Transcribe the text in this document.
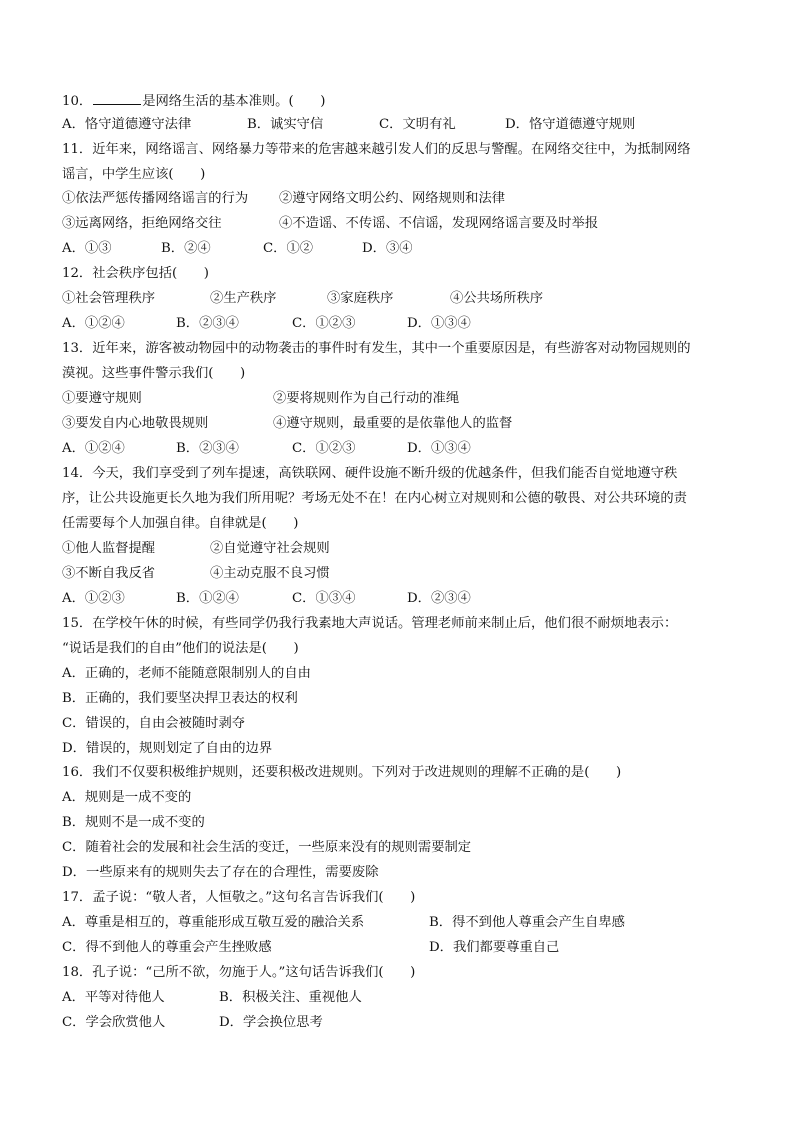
10．	是网络生活的基本准则。(　　)
A．恪守道德遵守法律	B．诚实守信	C．文明有礼	D．恪守道德遵守规则
11．近年来，网络谣言、网络暴力等带来的危害越来越引发人们的反思与警醒。在网络交往中，为抵制网络
谣言，中学生应该(　　)
①依法严惩传播网络谣言的行为 ②遵守网络文明公约、网络规则和法律
③远离网络，拒绝网络交往	④不造谣、不传谣、不信谣，发现网络谣言要及时举报
A．①③	B．②④	C．①②	D．③④
12．社会秩序包括(　　)
①社会管理秩序	②生产秩序	③家庭秩序	④公共场所秩序
A．①②④	B．②③④	C．①②③	D．①③④
13．近年来，游客被动物园中的动物袭击的事件时有发生，其中一个重要原因是，有些游客对动物园规则的
漠视。这些事件警示我们(　　)
①要遵守规则	②要将规则作为自己行动的准绳
③要发自内心地敬畏规则	④遵守规则，最重要的是依靠他人的监督
A．①②④	B．②③④	C．①②③	D．①③④
14．今天，我们享受到了列车提速，高铁联网、硬件设施不断升级的优越条件，但我们能否自觉地遵守秩
序，让公共设施更长久地为我们所用呢？考场无处不在！在内心树立对规则和公德的敬畏、对公共环境的责
任需要每个人加强自律。自律就是(　　)
①他人监督提醒	②自觉遵守社会规则
③不断自我反省	④主动克服不良习惯
A．①②③	B．①②④	C．①③④	D．②③④
15．在学校午休的时候，有些同学仍我行我素地大声说话。管理老师前来制止后，他们很不耐烦地表示：
“说话是我们的自由”他们的说法是(　　)
A．正确的，老师不能随意限制别人的自由
B．正确的，我们要坚决捍卫表达的权利
C．错误的，自由会被随时剥夺
D．错误的，规则划定了自由的边界
16．我们不仅要积极维护规则，还要积极改进规则。下列对于改进规则的理解不正确的是(　　)
A．规则是一成不变的
B．规则不是一成不变的
C．随着社会的发展和社会生活的变迁，一些原来没有的规则需要制定
D．一些原来有的规则失去了存在的合理性，需要废除
17．孟子说：“敬人者，人恒敬之。”这句名言告诉我们(　　)
A．尊重是相互的，尊重能形成互敬互爱的融洽关系	B．得不到他人尊重会产生自卑感
C．得不到他人的尊重会产生挫败感	D．我们都要尊重自己
18．孔子说：“己所不欲，勿施于人。”这句话告诉我们(　　)
A．平等对待他人	B．积极关注、重视他人
C．学会欣赏他人	D．学会换位思考
